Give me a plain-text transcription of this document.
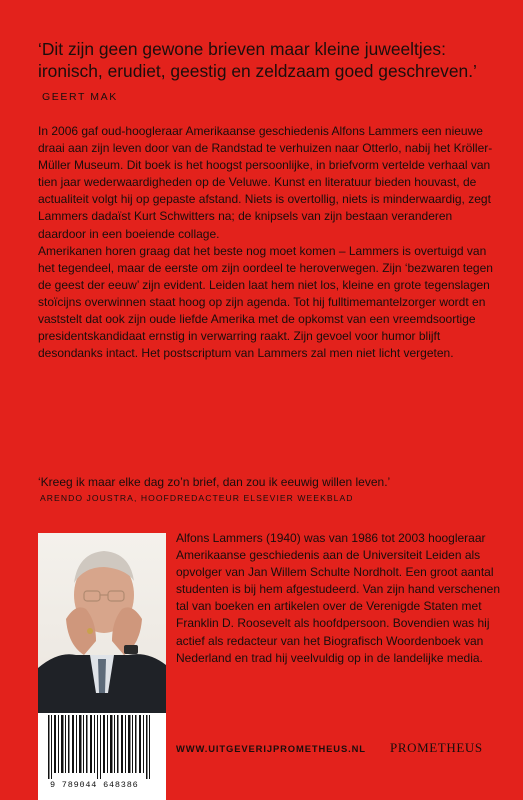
‘Dit zijn geen gewone brieven maar kleine juweeltjes: ironisch, erudiet, geestig en zeldzaam goed geschreven.’
GEERT MAK

In 2006 gaf oud-hoogleraar Amerikaanse geschiedenis Alfons Lammers een nieuwe draai aan zijn leven door van de Randstad te verhuizen naar Otterlo, nabij het Kröller-Müller Museum. Dit boek is het hoogst persoonlijke, in briefvorm vertelde verhaal van tien jaar wederwaardigheden op de Veluwe. Kunst en literatuur bieden houvast, de actualiteit volgt hij op gepaste afstand. Niets is overtollig, niets is minderwaardig, zegt Lammers dadaïst Kurt Schwitters na; de knipsels van zijn bestaan veranderen daardoor in een boeiende collage.

Amerikanen horen graag dat het beste nog moet komen – Lammers is overtuigd van het tegendeel, maar de eerste om zijn oordeel te heroverwegen. Zijn ‘bezwaren tegen de geest der eeuw’ zijn evident. Leiden laat hem niet los, kleine en grote tegenslagen stoïcijns overwinnen staat hoog op zijn agenda. Tot hij fulltimemantelzorger wordt en vaststelt dat ook zijn oude liefde Amerika met de opkomst van een vreemdsoortige presidentskandidaat ernstig in verwarring raakt. Zijn gevoel voor humor blijft desondanks intact. Het postscriptum van Lammers zal men niet licht vergeten.

‘Kreeg ik maar elke dag zo’n brief, dan zou ik eeuwig willen leven.’
ARENDO JOUSTRA, HOOFDREDACTEUR ELSEVIER WEEKBLAD
Alfons Lammers (1940) was van 1986 tot 2003 hoogleraar Amerikaanse geschiedenis aan de Universiteit Leiden als opvolger van Jan Willem Schulte Nordholt. Een groot aantal studenten is bij hem afgestudeerd. Van zijn hand verschenen tal van boeken en artikelen over de Verenigde Staten met Franklin D. Roosevelt als hoofdpersoon. Bovendien was hij actief als redacteur van het Biografisch Woordenboek van Nederland en trad hij veelvuldig op in de landelijke media.
9 789044 648386
WWW.UITGEVERIJPROMETHEUS.NL PROMETHEUS
